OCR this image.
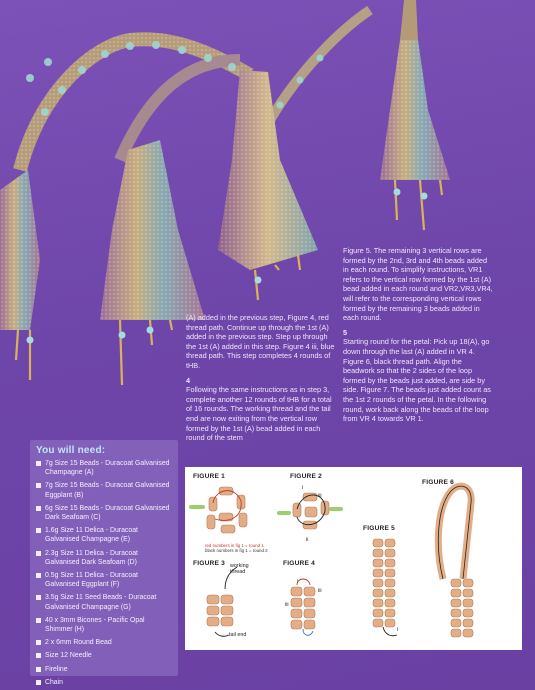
(A) added in the previous step, Figure 4, red thread path. Continue up through the 1st (A) added in the previous step. Step up through the 1st (A) added in this step. Figure 4 iii, blue thread path. This step completes 4 rounds of tHB.

4

Following the same instructions as in step 3, complete another 12 rounds of tHB for a total of 16 rounds. The working thread and the tail end are now exiting from the vertical row formed by the 1st (A) bead added in each round of the stem

Figure 5. The remaining 3 vertical rows are formed by the 2nd, 3rd and 4th beads added in each round. To simplify instructions, VR1 refers to the vertical row formed by the 1st (A) bead added in each round and VR2,VR3,VR4, will refer to the corresponding vertical rows formed by the remaining 3 beads added in each round.

5

Starting round for the petal: Pick up 18(A), go down through the last (A) added in VR 4. Figure 6, black thread path. Align the beadwork so that the 2 sides of the loop formed by the beads just added, are side by side. Figure 7. The beads just added count as the 1st 2 rounds of the petal. In the following round, work back along the beads of the loop from VR 4 towards VR 1.

You will need:
7g Size 15 Beads - Duracoat Galvanised Champagne (A)
7g Size 15 Beads - Duracoat Galvanised Eggplant (B)
6g Size 15 Beads - Duracoat Galvanised Dark Seafoam (C)
1.6g Size 11 Delica - Duracoat Galvanised Champagne (E)
2.3g Size 11 Delica - Duracoat Galvanised Dark Seafoam (D)
0.5g Size 11 Delica - Duracoat Galvanised Eggplant (F)
3.5g Size 11 Seed Beads - Duracoat Galvanised Champagne (G)
40 x 3mm Bicones - Pacific Opal Shimmer (H)
2 x 6mm Round Bead
Size 12 Needle
Fireline
Chain
FIGURE 1	FIGURE 2
FIGURE 6
FIGURE 5
FIGURE 3	FIGURE 4
red numbers in fig 1 = round 1
black numbers in fig 1 = round 2
working thread
tail end
iii
i
ii
iii
iii
i
i
